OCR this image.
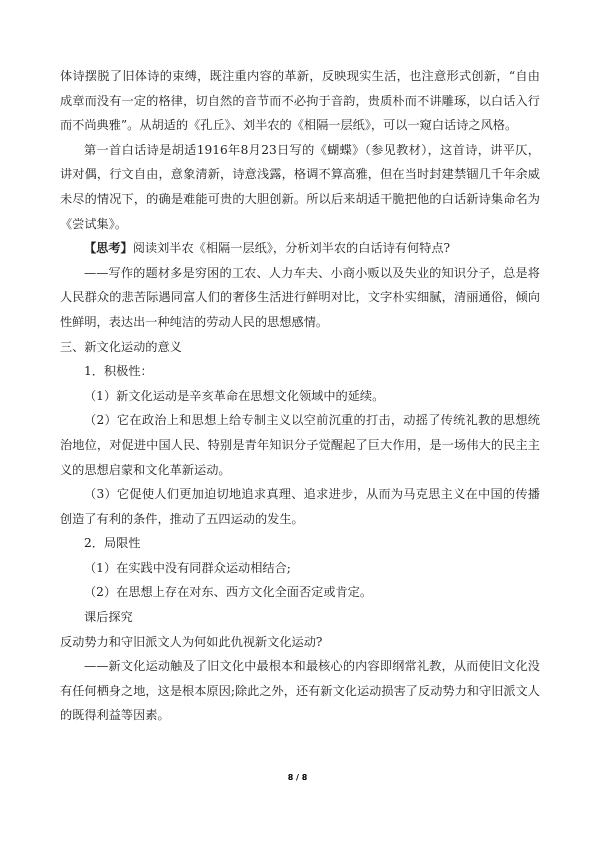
体诗摆脱了旧体诗的束缚，既注重内容的革新，反映现实生活，也注意形式创新，“自由成章而没有一定的格律，切自然的音节而不必拘于音韵，贵质朴而不讲雕琢，以白话入行而不尚典雅”。从胡适的《孔丘》、刘半农的《相隔一层纸》，可以一窥白话诗之风格。

第一首白话诗是胡适1916年8月23日写的《蝴蝶》（参见教材），这首诗，讲平仄，讲对偶，行文自由，意象清新，诗意浅露，格调不算高雅，但在当时封建禁锢几千年余威未尽的情况下，的确是难能可贵的大胆创新。所以后来胡适干脆把他的白话新诗集命名为《尝试集》。

【思考】阅读刘半农《相隔一层纸》，分析刘半农的白话诗有何特点?

——写作的题材多是穷困的工农、人力车夫、小商小贩以及失业的知识分子，总是将人民群众的悲苦际遇同富人们的奢侈生活进行鲜明对比，文字朴实细腻，清丽通俗，倾向性鲜明，表达出一种纯洁的劳动人民的思想感情。

三、新文化运动的意义

1．积极性：

（1）新文化运动是辛亥革命在思想文化领域中的延续。

（2）它在政治上和思想上给专制主义以空前沉重的打击，动摇了传统礼教的思想统治地位，对促进中国人民、特别是青年知识分子觉醒起了巨大作用，是一场伟大的民主主义的思想启蒙和文化革新运动。

（3）它促使人们更加迫切地追求真理、追求进步，从而为马克思主义在中国的传播创造了有利的条件，推动了五四运动的发生。

2．局限性

（1）在实践中没有同群众运动相结合;

（2）在思想上存在对东、西方文化全面否定或肯定。

课后探究

反动势力和守旧派文人为何如此仇视新文化运动?

——新文化运动触及了旧文化中最根本和最核心的内容即纲常礼教，从而使旧文化没有任何栖身之地，这是根本原因;除此之外，还有新文化运动损害了反动势力和守旧派文人的既得利益等因素。

8 / 8
